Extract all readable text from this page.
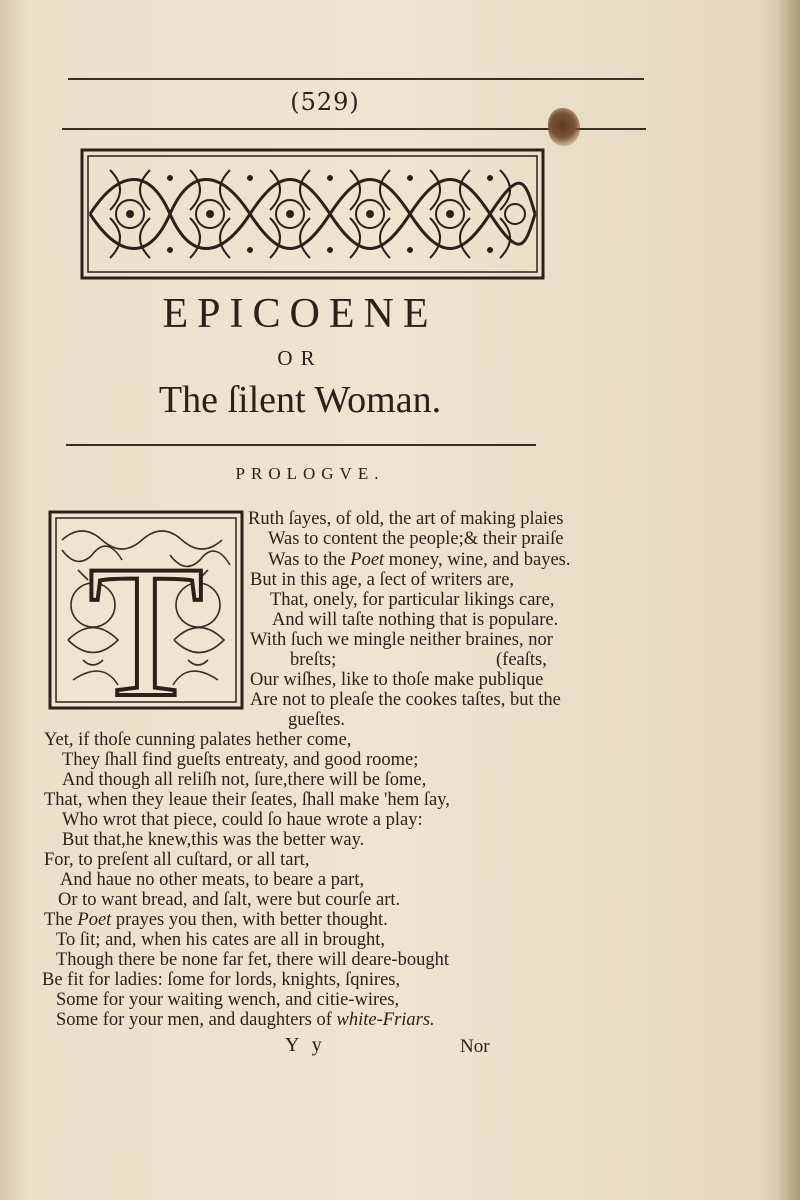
(529)
EPICOENE
OR
The ſilent Woman.
PROLOGVE.
T
Ruth ſayes, of old, the art of making plaies
Was to content the people;& their praiſe
Was to the Poet money, wine, and bayes.
But in this age, a ſect of writers are,
That, onely, for particular likings care,
And will taſte nothing that is populare.
With ſuch we mingle neither braines, nor
breſts;	(feaſts,
Our wiſhes, like to thoſe make publique
Are not to pleaſe the cookes taſtes, but the
gueſtes.
Yet, if thoſe cunning palates hether come,
They ſhall find gueſts entreaty, and good roome;
And though all reliſh not, ſure,there will be ſome,
That, when they leaue their ſeates, ſhall make 'hem ſay,
Who wrot that piece, could ſo haue wrote a play:
But that,he knew,this was the better way.
For, to preſent all cuſtard, or all tart,
And haue no other meats, to beare a part,
Or to want bread, and ſalt, were but courſe art.
The Poet prayes you then, with better thought.
To ſit; and, when his cates are all in brought,
Though there be none far fet, there will deare-bought
Be fit for ladies: ſome for lords, knights, ſqnires,
Some for your waiting wench, and citie-wires,
Some for your men, and daughters of white-Friars.
Y y	Nor
